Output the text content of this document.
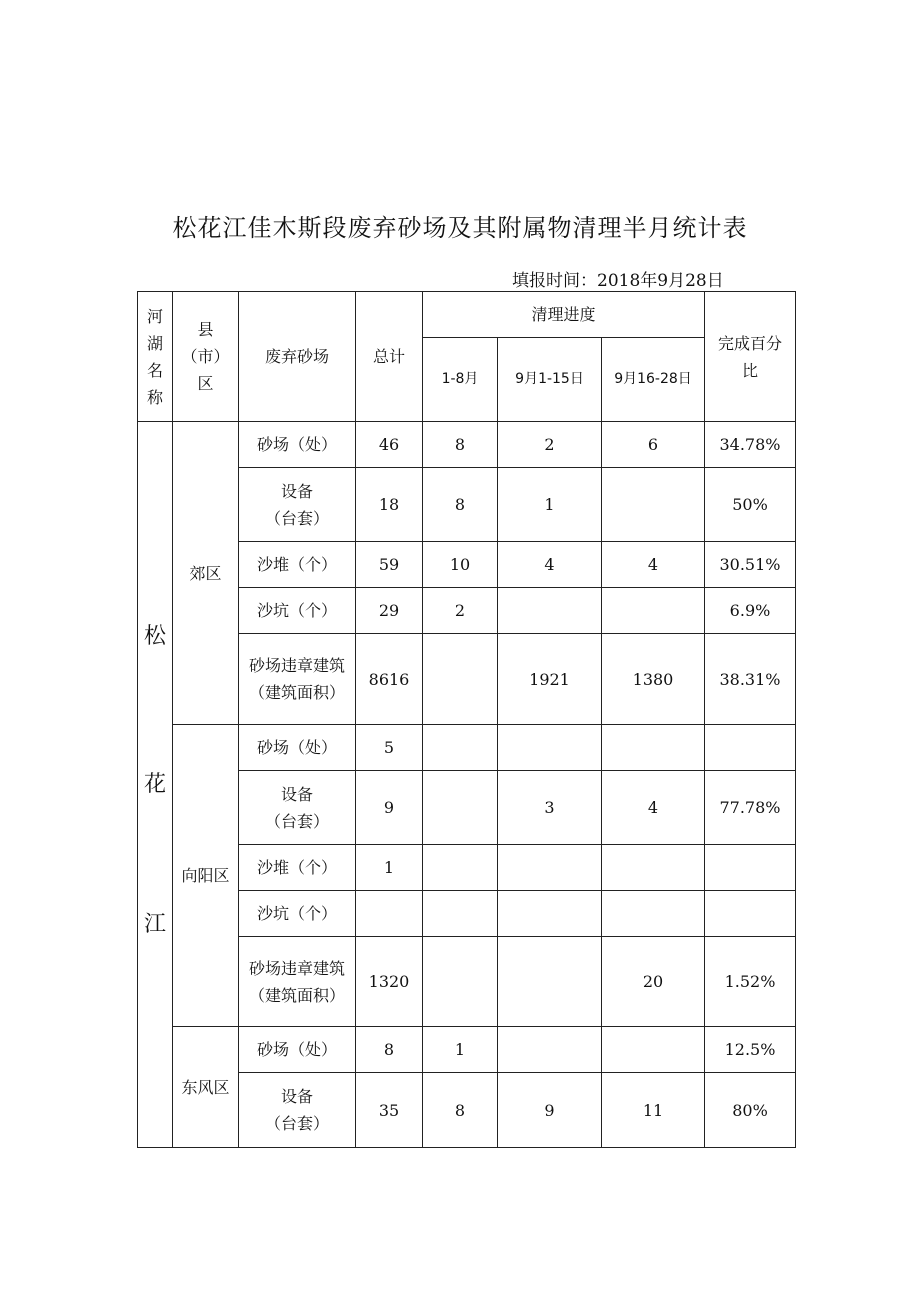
松花江佳木斯段废弃砂场及其附属物清理半月统计表
填报时间：2018年9月28日
河
湖
名
称	县
（市）
区	废弃砂场	总计	清理进度			完成百分
比

				1-8月	9月1-15日	9月16-28日	

松
花
江	郊区	砂场（处）	46	8	2	6	34.78%

		设备
（台套）	18	8	1		50%
		沙堆（个）	59	10	4	4	30.51%
		沙坑（个）	29	2			6.9%

		砂场违章建筑
（建筑面积）	8616		1921	1380	38.31%
	向阳区	砂场（处）	5				

		设备
（台套）	9		3	4	77.78%
		沙堆（个）	1				
		沙坑（个）					

		砂场违章建筑
（建筑面积）	1320			20	1.52%
	东风区	砂场（处）	8	1			12.5%

		设备
（台套）	35	8	9	11	80%
